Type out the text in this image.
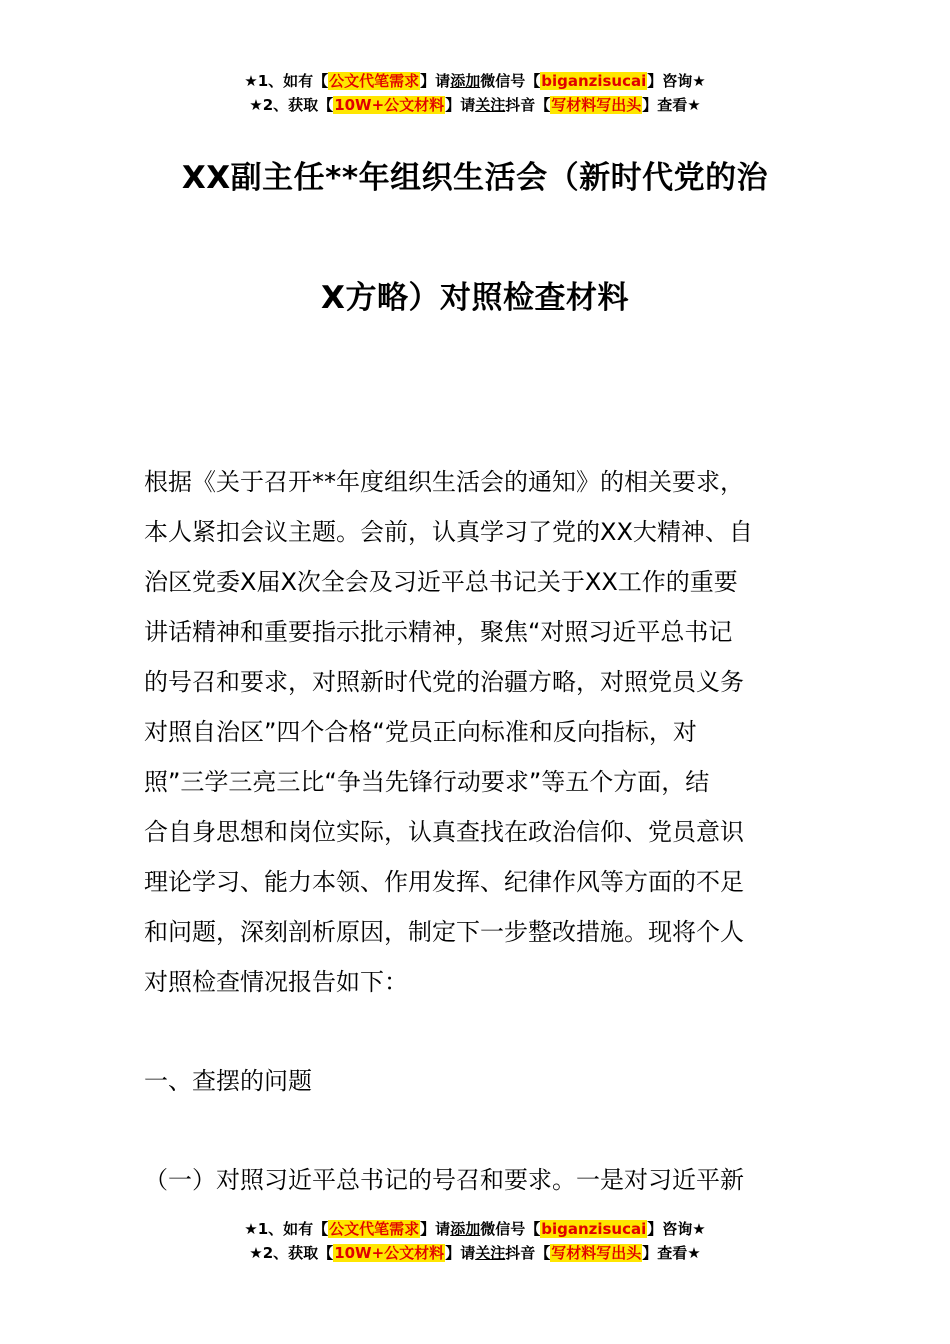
★1、如有【公文代笔需求】请添加微信号【biganzisucai】咨询★
★2、获取【10W+公文材料】请关注抖音【写材料写出头】查看★
XX副主任**年组织生活会（新时代党的治
X方略）对照检查材料
根据《关于召开**年度组织生活会的通知》的相关要求，
本人紧扣会议主题。会前，认真学习了党的XX大精神、自
治区党委X届X次全会及习近平总书记关于XX工作的重要
讲话精神和重要指示批示精神，聚焦“对照习近平总书记
的号召和要求，对照新时代党的治疆方略，对照党员义务
对照自治区”四个合格“党员正向标准和反向指标，对
照”三学三亮三比“争当先锋行动要求”等五个方面，结
合自身思想和岗位实际，认真查找在政治信仰、党员意识
理论学习、能力本领、作用发挥、纪律作风等方面的不足
和问题，深刻剖析原因，制定下一步整改措施。现将个人
对照检查情况报告如下：
一、查摆的问题
（一）对照习近平总书记的号召和要求。一是对习近平新
★1、如有【公文代笔需求】请添加微信号【biganzisucai】咨询★
★2、获取【10W+公文材料】请关注抖音【写材料写出头】查看★
